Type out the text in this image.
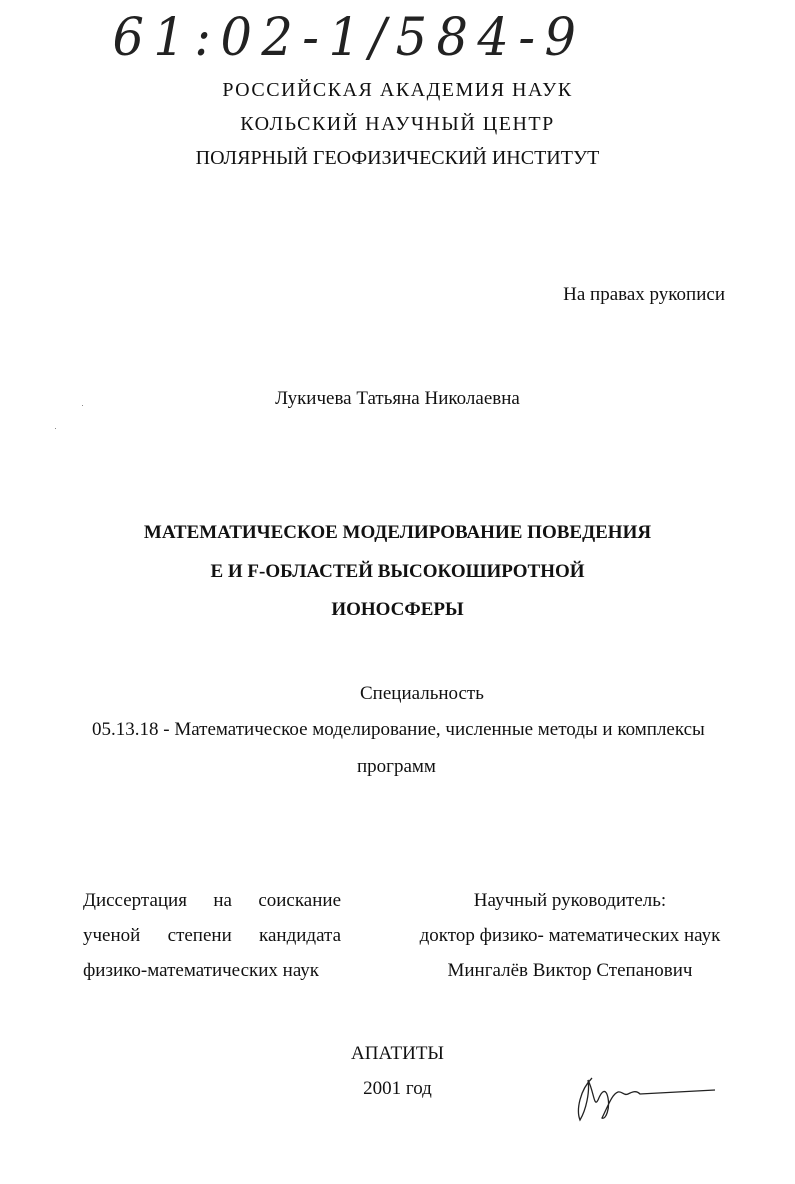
61:02-1/584-9
РОССИЙСКАЯ АКАДЕМИЯ НАУК
КОЛЬСКИЙ НАУЧНЫЙ ЦЕНТР
ПОЛЯРНЫЙ ГЕОФИЗИЧЕСКИЙ ИНСТИТУТ
На правах рукописи
Лукичева Татьяна Николаевна
МАТЕМАТИЧЕСКОЕ МОДЕЛИРОВАНИЕ ПОВЕДЕНИЯ
Е И F-ОБЛАСТЕЙ ВЫСОКОШИРОТНОЙ
ИОНОСФЕРЫ
Специальность
05.13.18 - Математическое моделирование, численные методы и комплексы
программ
Диссертация на соискание
ученой степени кандидата
физико-математических наук
Научный руководитель:
доктор физико- математических наук
Мингалёв Виктор Степанович
АПАТИТЫ
2001 год
